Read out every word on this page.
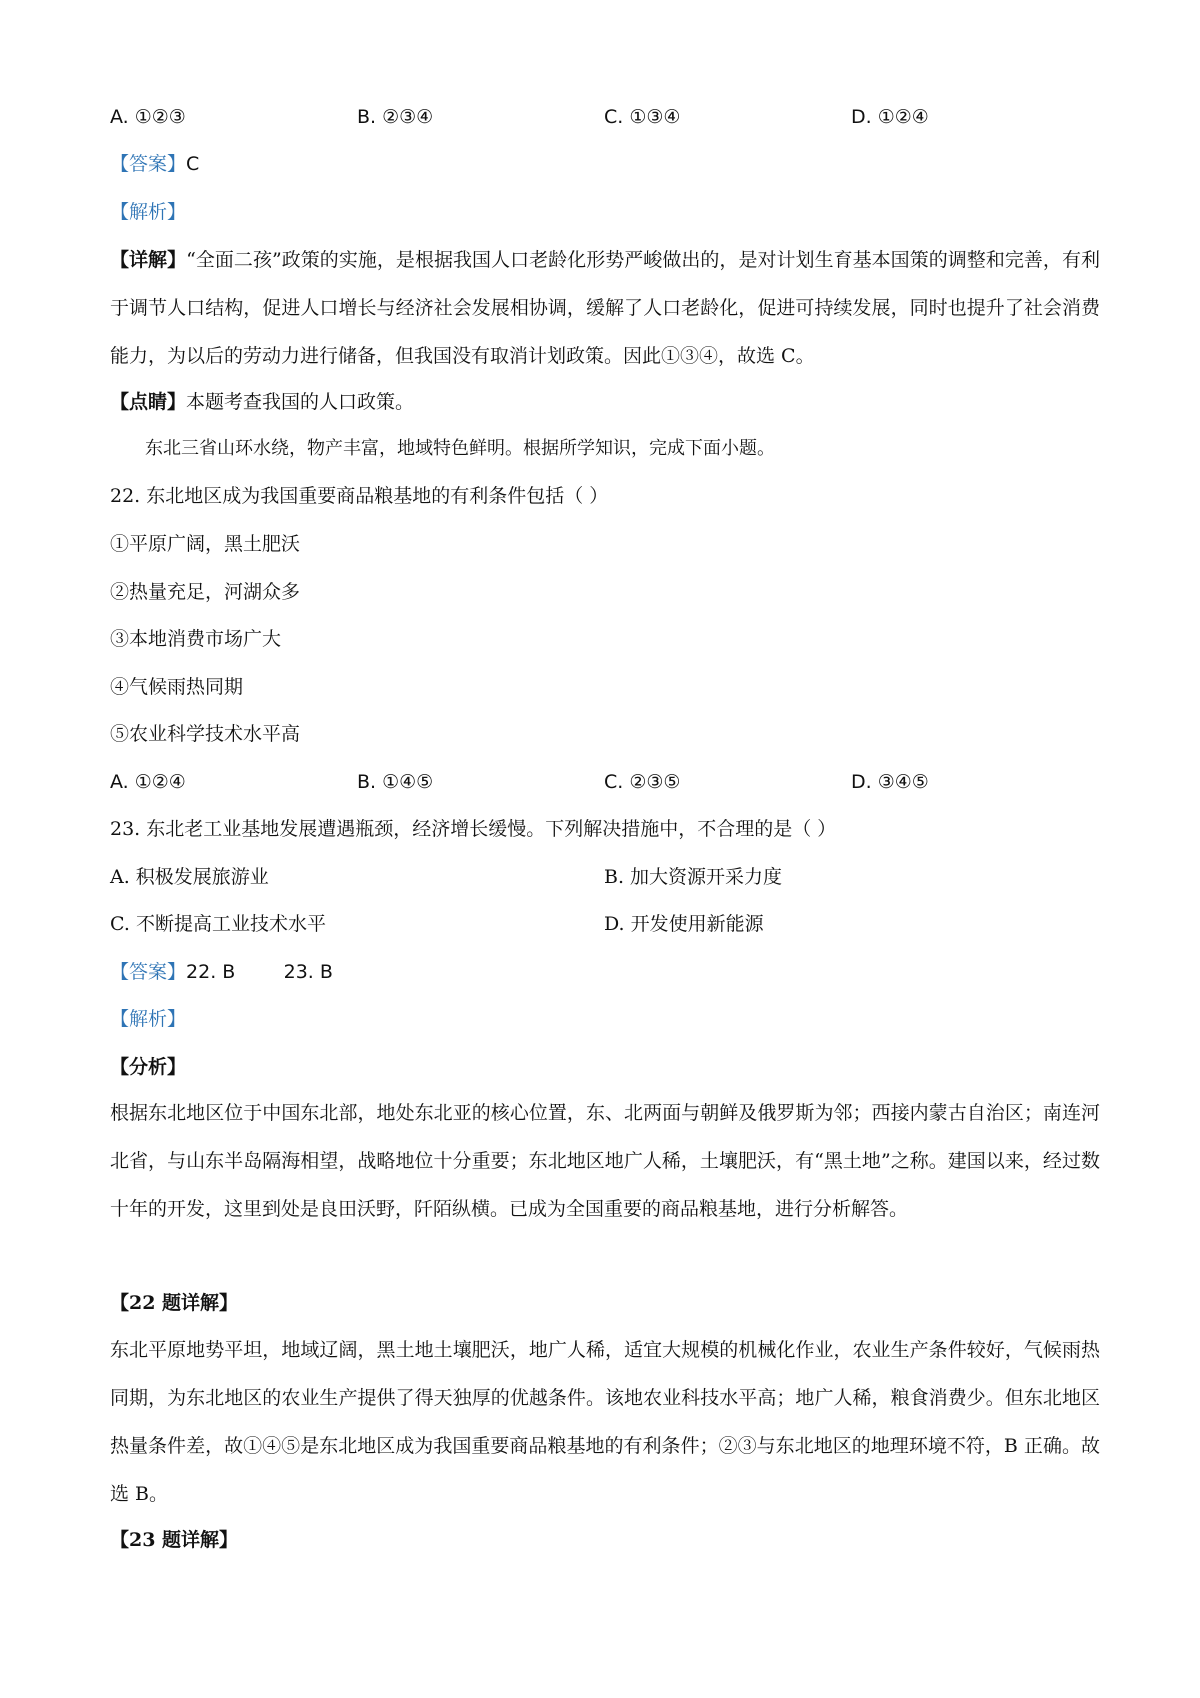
A. ①②③	B. ②③④	C. ①③④	D. ①②④
【答案】C
【解析】
【详解】“全面二孩”政策的实施，是根据我国人口老龄化形势严峻做出的，是对计划生育基本国策的调整和完善，有利于调节人口结构，促进人口增长与经济社会发展相协调，缓解了人口老龄化，促进可持续发展，同时也提升了社会消费能力，为以后的劳动力进行储备，但我国没有取消计划政策。因此①③④，故选 C。
【点睛】本题考查我国的人口政策。
东北三省山环水绕，物产丰富，地域特色鲜明。根据所学知识，完成下面小题。
22. 东北地区成为我国重要商品粮基地的有利条件包括（ ）
①平原广阔，黑土肥沃
②热量充足，河湖众多
③本地消费市场广大
④气候雨热同期
⑤农业科学技术水平高
A. ①②④	B. ①④⑤	C. ②③⑤	D. ③④⑤
23. 东北老工业基地发展遭遇瓶颈，经济增长缓慢。下列解决措施中，不合理的是（ ）
A. 积极发展旅游业	B. 加大资源开采力度
C. 不断提高工业技术水平	D. 开发使用新能源
【答案】22. B        23. B
【解析】
【分析】
根据东北地区位于中国东北部，地处东北亚的核心位置，东、北两面与朝鲜及俄罗斯为邻；西接内蒙古自治区；南连河北省，与山东半岛隔海相望，战略地位十分重要；东北地区地广人稀，土壤肥沃，有“黑土地”之称。建国以来，经过数十年的开发，这里到处是良田沃野，阡陌纵横。已成为全国重要的商品粮基地，进行分析解答。
【22 题详解】
东北平原地势平坦，地域辽阔，黑土地土壤肥沃，地广人稀，适宜大规模的机械化作业，农业生产条件较好，气候雨热同期，为东北地区的农业生产提供了得天独厚的优越条件。该地农业科技水平高；地广人稀，粮食消费少。但东北地区热量条件差，故①④⑤是东北地区成为我国重要商品粮基地的有利条件；②③与东北地区的地理环境不符，B 正确。故选 B。
【23 题详解】
